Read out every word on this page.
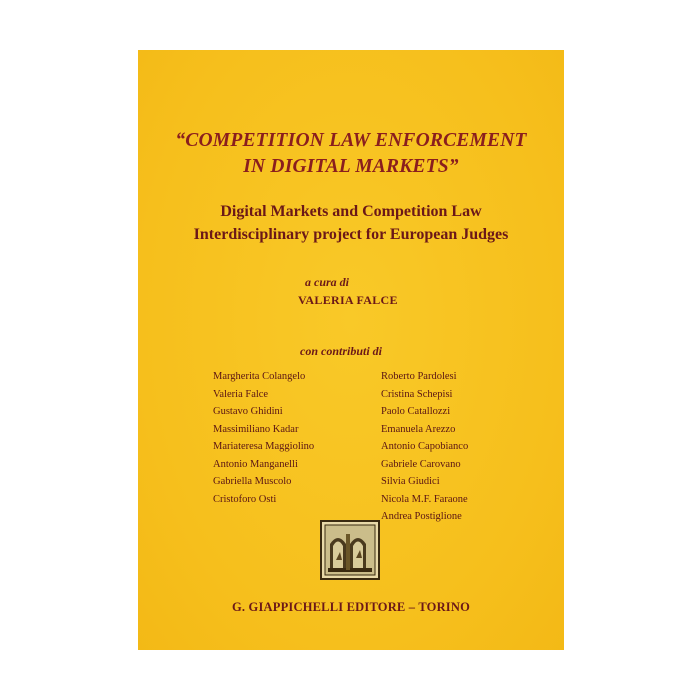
“COMPETITION LAW ENFORCEMENT
IN DIGITAL MARKETS”
Digital Markets and Competition Law
Interdisciplinary project for European Judges
a cura di
VALERIA FALCE
con contributi di
Margherita Colangelo
Valeria Falce
Gustavo Ghidini
Massimiliano Kadar
Mariateresa Maggiolino
Antonio Manganelli
Gabriella Muscolo
Cristoforo Osti
Roberto Pardolesi
Cristina Schepisi
Paolo Catallozzi
Emanuela Arezzo
Antonio Capobianco
Gabriele Carovano
Silvia Giudici
Nicola M.F. Faraone
Andrea Postiglione
G. GIAPPICHELLI EDITORE – TORINO
